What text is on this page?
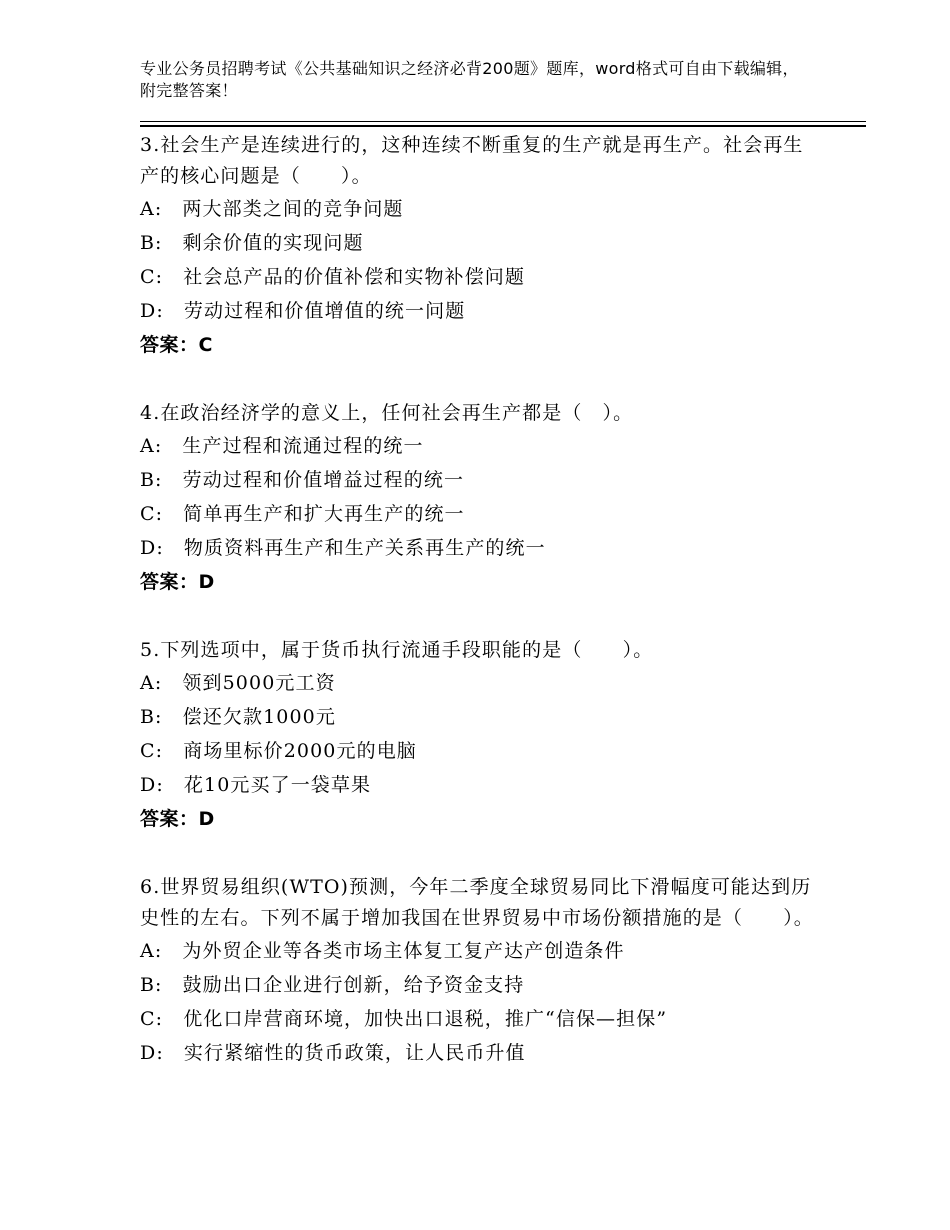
专业公务员招聘考试《公共基础知识之经济必背200题》题库，word格式可自由下载编辑，附完整答案！

3.社会生产是连续进行的，这种连续不断重复的生产就是再生产。社会再生产的核心问题是（　　）。

A:　两大部类之间的竞争问题

B:　剩余价值的实现问题

C:　社会总产品的价值补偿和实物补偿问题

D:　劳动过程和价值增值的统一问题

答案：C

4.在政治经济学的意义上，任何社会再生产都是（　）。

A:　生产过程和流通过程的统一

B:　劳动过程和价值增益过程的统一

C:　简单再生产和扩大再生产的统一

D:　物质资料再生产和生产关系再生产的统一

答案：D

5.下列选项中，属于货币执行流通手段职能的是（　　）。

A:　领到5000元工资

B:　偿还欠款1000元

C:　商场里标价2000元的电脑

D:　花10元买了一袋草果

答案：D

6.世界贸易组织(WTO)预测，今年二季度全球贸易同比下滑幅度可能达到历史性的左右。下列不属于增加我国在世界贸易中市场份额措施的是（　　）。

A:　为外贸企业等各类市场主体复工复产达产创造条件

B:　鼓励出口企业进行创新，给予资金支持

C:　优化口岸营商环境，加快出口退税，推广“信保—担保”

D:　实行紧缩性的货币政策，让人民币升值
